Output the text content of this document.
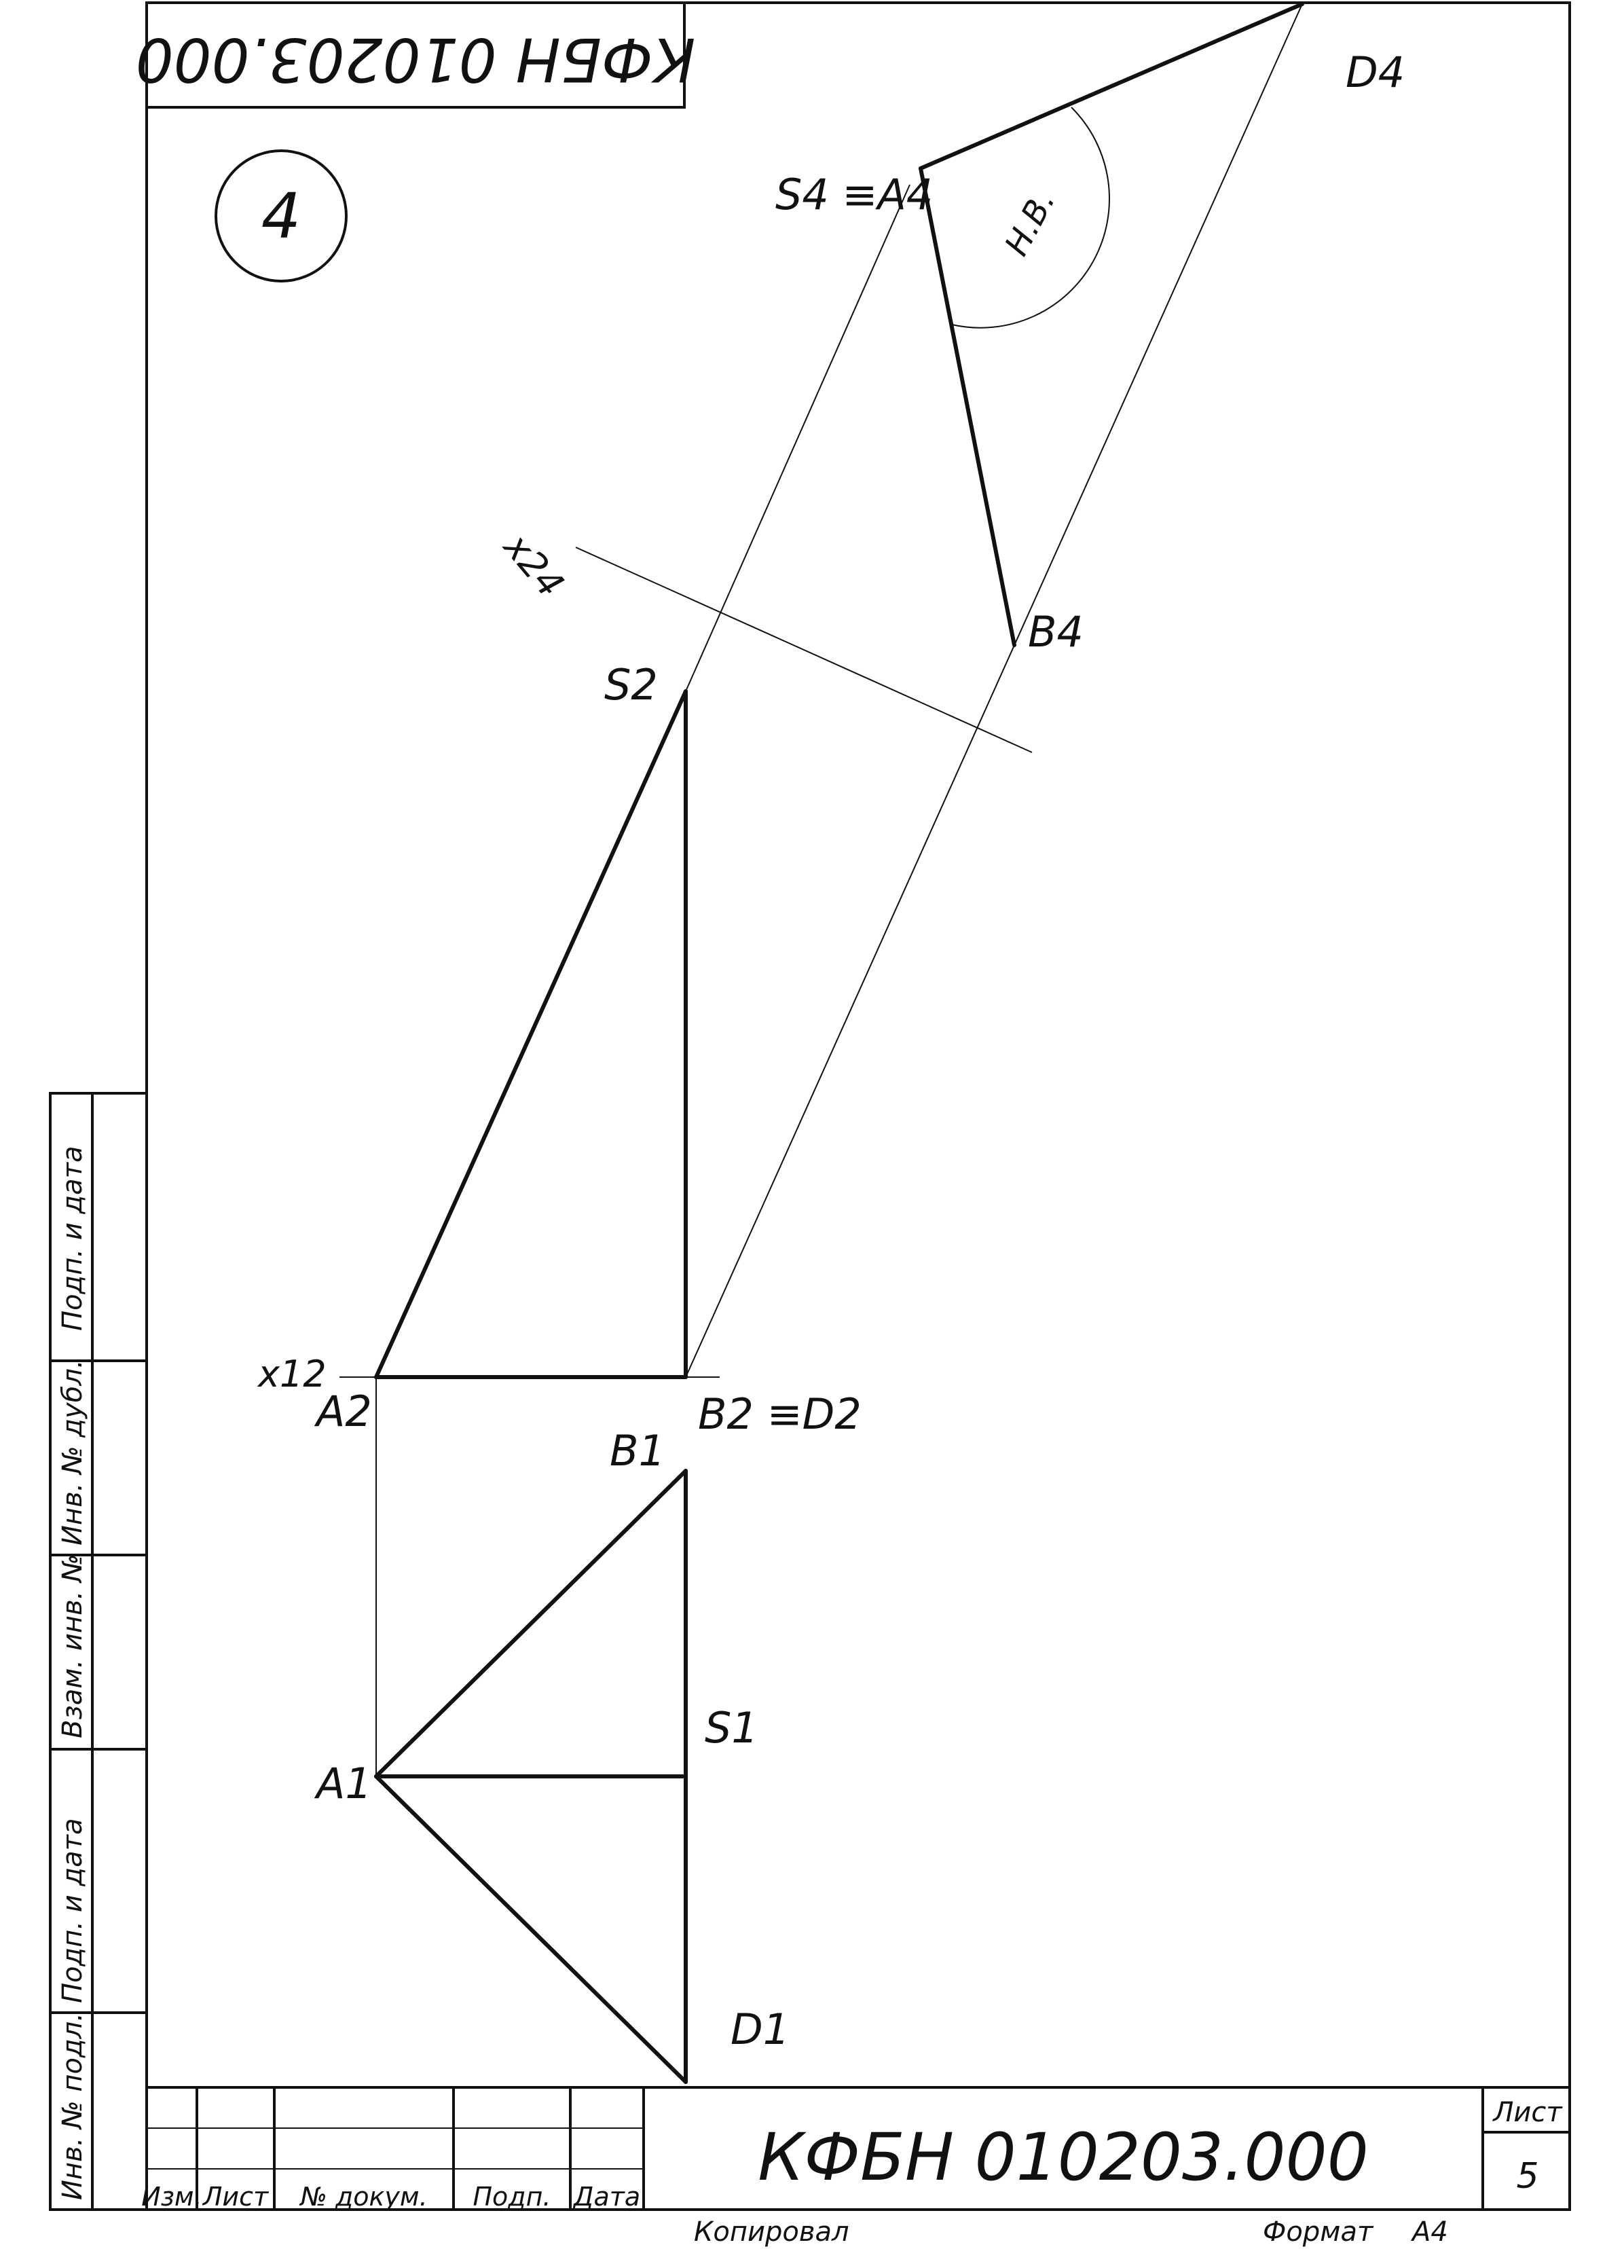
Подп. и дата
Инв. № дубл.
Взам. инв. №
Подп. и дата
Инв. № подл.
КФБН 010203.000
4
Изм. Лист № докум. Подп. Дата
КФБН 010203.000
Лист
5
Копировал	Формат А4
S4 ≡A4
D4
Н.В.
x24
B4
S2
x12
A2	B2 ≡D2
B1
S1
A1
D1
